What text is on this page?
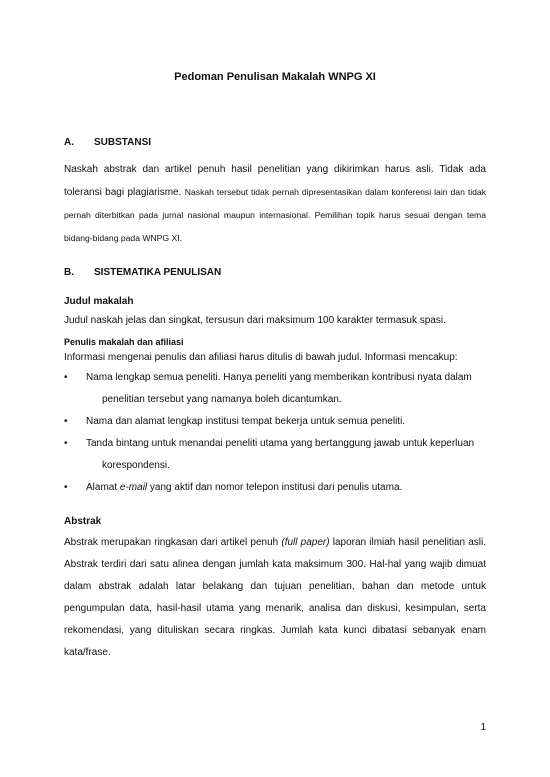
Pedoman Penulisan Makalah WNPG XI
A.	SUBSTANSI

Naskah abstrak dan artikel penuh hasil penelitian yang dikirimkan harus asli. Tidak ada toleransi bagi plagiarisme. Naskah tersebut tidak pernah dipresentasikan dalam konferensi lain dan tidak pernah diterbitkan pada jurnal nasional maupun internasional. Pemilihan topik harus sesuai dengan tema bidang-bidang pada WNPG XI.

B.	SISTEMATIKA PENULISAN
Judul makalah

Judul naskah jelas dan singkat, tersusun dari maksimum 100 karakter termasuk spasi.

Penulis makalah dan afiliasi

Informasi mengenai penulis dan afiliasi harus ditulis di bawah judul. Informasi mencakup:

• Nama lengkap semua peneliti. Hanya peneliti yang memberikan kontribusi nyata dalam
penelitian tersebut yang namanya boleh dicantumkan.
• Nama dan alamat lengkap institusi tempat bekerja untuk semua peneliti.
• Tanda bintang untuk menandai peneliti utama yang bertanggung jawab untuk keperluan
korespondensi.
• Alamat e-mail yang aktif dan nomor telepon institusi dari penulis utama.
Abstrak

Abstrak merupakan ringkasan dari artikel penuh (full paper) laporan ilmiah hasil penelitian asli. Abstrak terdiri dari satu alinea dengan jumlah kata maksimum 300. Hal-hal yang wajib dimuat dalam abstrak adalah latar belakang dan tujuan penelitian, bahan dan metode untuk pengumpulan data, hasil-hasil utama yang menarik, analisa dan diskusi, kesimpulan, serta rekomendasi, yang dituliskan secara ringkas. Jumlah kata kunci dibatasi sebanyak enam kata/frase.

1
